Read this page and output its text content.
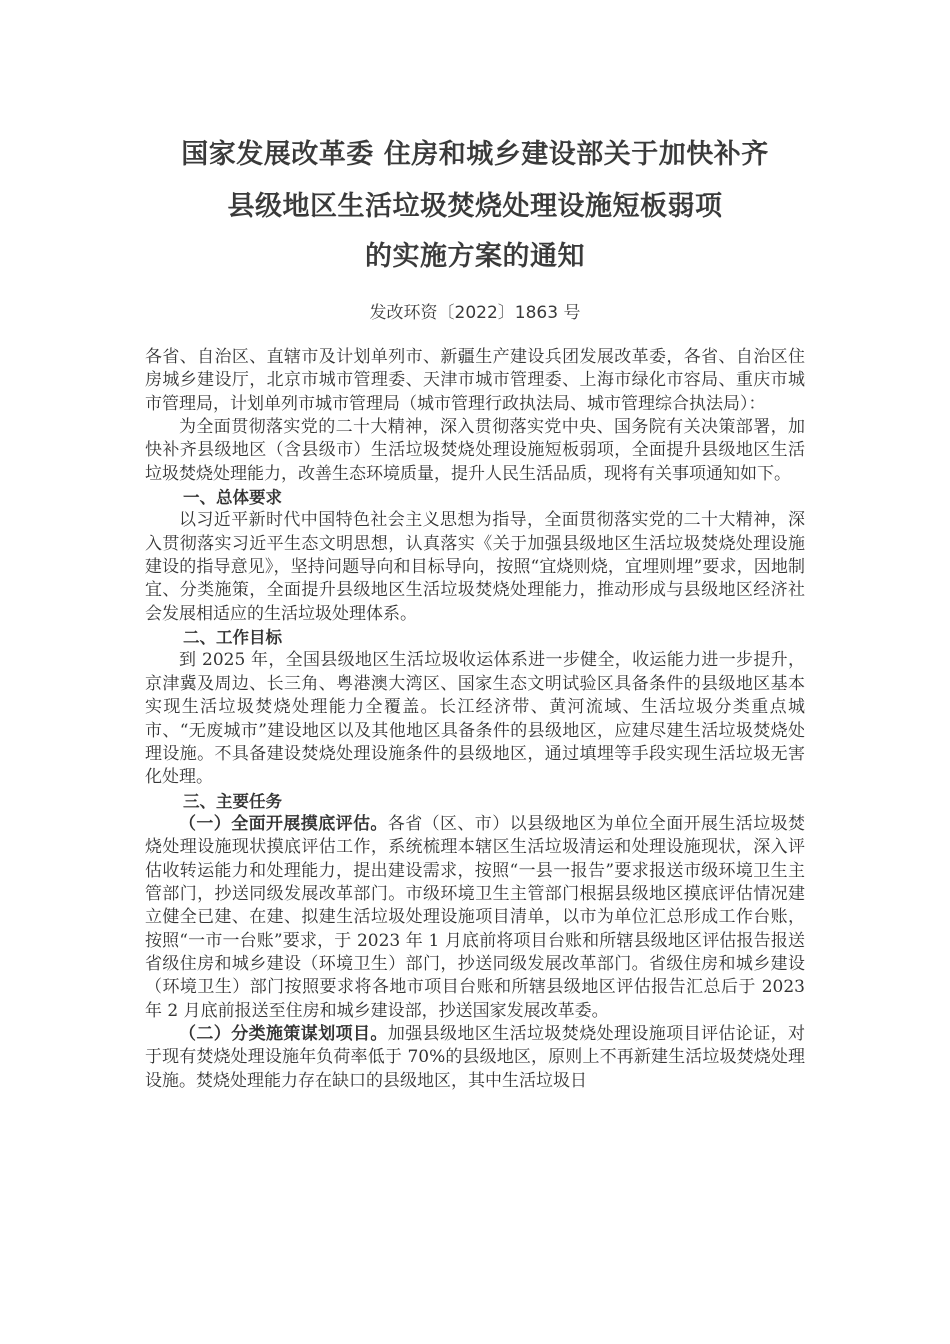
国家发展改革委 住房和城乡建设部关于加快补齐
县级地区生活垃圾焚烧处理设施短板弱项
的实施方案的通知
发改环资〔2022〕1863 号

各省、自治区、直辖市及计划单列市、新疆生产建设兵团发展改革委，各省、自治区住房城乡建设厅，北京市城市管理委、天津市城市管理委、上海市绿化市容局、重庆市城市管理局，计划单列市城市管理局（城市管理行政执法局、城市管理综合执法局）：

为全面贯彻落实党的二十大精神，深入贯彻落实党中央、国务院有关决策部署，加快补齐县级地区（含县级市）生活垃圾焚烧处理设施短板弱项，全面提升县级地区生活垃圾焚烧处理能力，改善生态环境质量，提升人民生活品质，现将有关事项通知如下。

一、总体要求

以习近平新时代中国特色社会主义思想为指导，全面贯彻落实党的二十大精神，深入贯彻落实习近平生态文明思想，认真落实《关于加强县级地区生活垃圾焚烧处理设施建设的指导意见》，坚持问题导向和目标导向，按照“宜烧则烧，宜埋则埋”要求，因地制宜、分类施策，全面提升县级地区生活垃圾焚烧处理能力，推动形成与县级地区经济社会发展相适应的生活垃圾处理体系。

二、工作目标

到 2025 年，全国县级地区生活垃圾收运体系进一步健全，收运能力进一步提升，京津冀及周边、长三角、粤港澳大湾区、国家生态文明试验区具备条件的县级地区基本实现生活垃圾焚烧处理能力全覆盖。长江经济带、黄河流域、生活垃圾分类重点城市、“无废城市”建设地区以及其他地区具备条件的县级地区，应建尽建生活垃圾焚烧处理设施。不具备建设焚烧处理设施条件的县级地区，通过填埋等手段实现生活垃圾无害化处理。

三、主要任务

（一）全面开展摸底评估。各省（区、市）以县级地区为单位全面开展生活垃圾焚烧处理设施现状摸底评估工作，系统梳理本辖区生活垃圾清运和处理设施现状，深入评估收转运能力和处理能力，提出建设需求，按照“一县一报告”要求报送市级环境卫生主管部门，抄送同级发展改革部门。市级环境卫生主管部门根据县级地区摸底评估情况建立健全已建、在建、拟建生活垃圾处理设施项目清单，以市为单位汇总形成工作台账，按照“一市一台账”要求，于 2023 年 1 月底前将项目台账和所辖县级地区评估报告报送省级住房和城乡建设（环境卫生）部门，抄送同级发展改革部门。省级住房和城乡建设（环境卫生）部门按照要求将各地市项目台账和所辖县级地区评估报告汇总后于 2023 年 2 月底前报送至住房和城乡建设部，抄送国家发展改革委。

（二）分类施策谋划项目。加强县级地区生活垃圾焚烧处理设施项目评估论证，对于现有焚烧处理设施年负荷率低于 70%的县级地区，原则上不再新建生活垃圾焚烧处理设施。焚烧处理能力存在缺口的县级地区，其中生活垃圾日
